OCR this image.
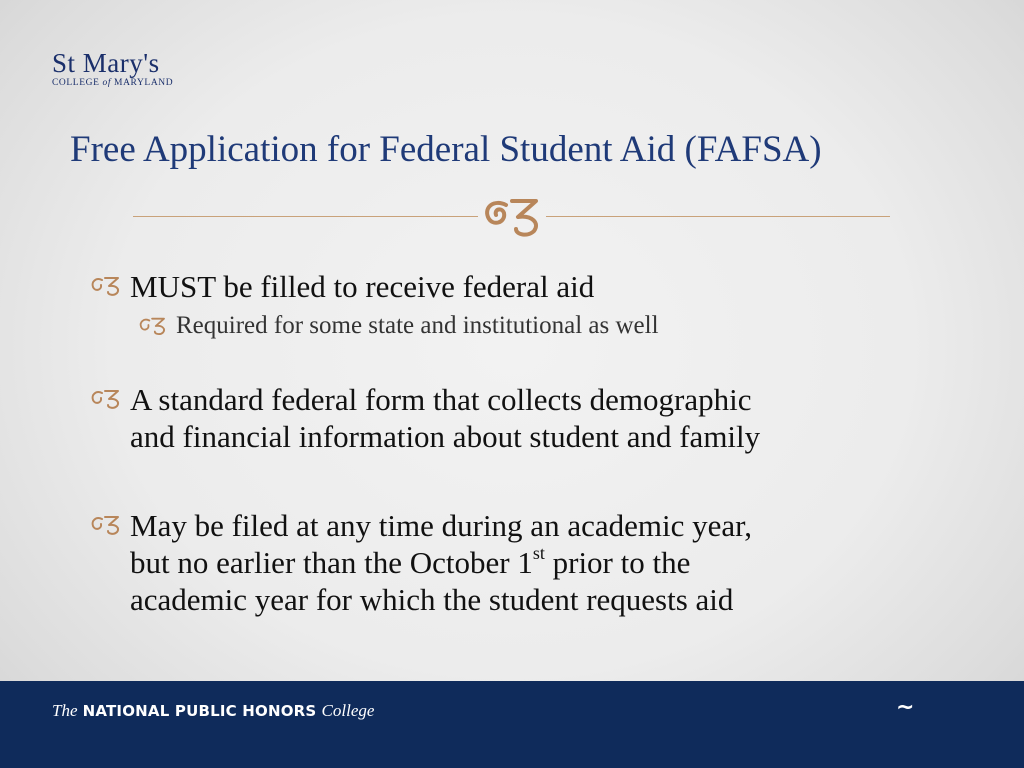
St Mary's
COLLEGE of MARYLAND
Free Application for Federal Student Aid (FAFSA)
MUST be filled to receive federal aid
Required for some state and institutional as well
A standard federal form that collects demographic
and financial information about student and family
May be filed at any time during an academic year,
but no earlier than the October 1st prior to the
academic year for which the student requests aid
The NATIONAL PUBLIC HONORS College	~
